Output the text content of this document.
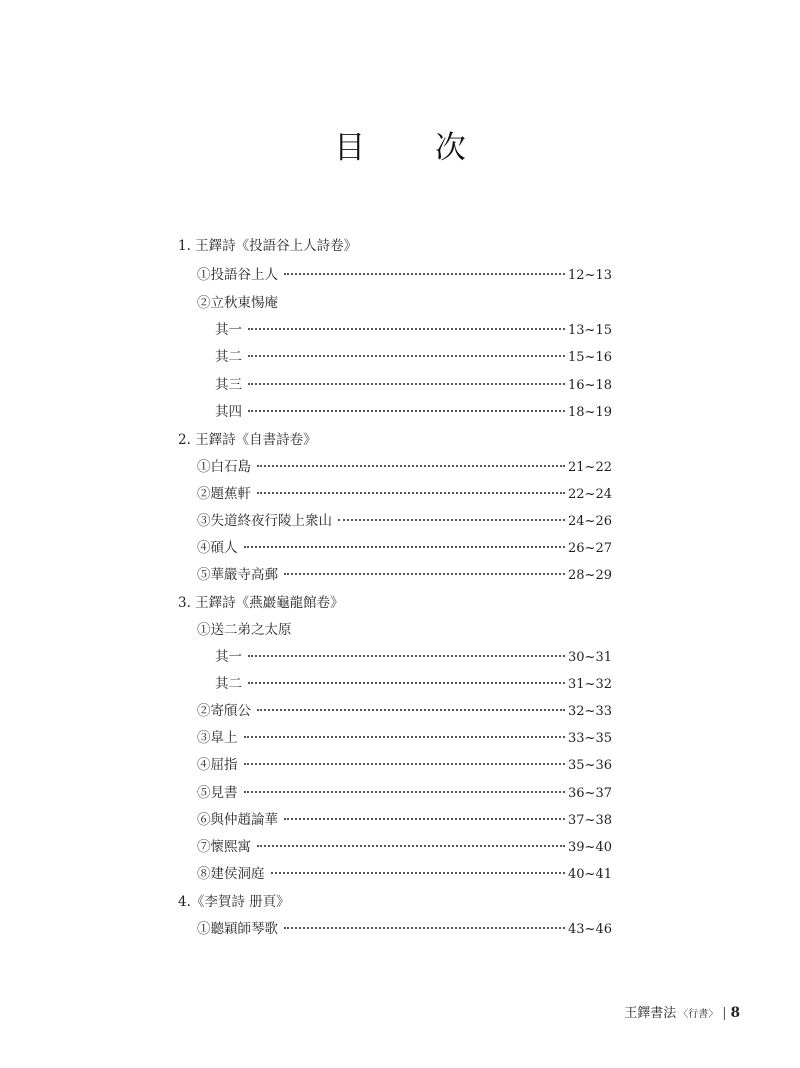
目 次
1. 王鐸詩《投語谷上人詩卷》
①投語谷上人	12~13
②立秋東惕庵
其一	13~15
其二	15~16
其三	16~18
其四	18~19
2. 王鐸詩《自書詩卷》
①白石島	21~22
②題蕉軒	22~24
③失道終夜行陵上衆山	24~26
④碩人	26~27
⑤華嚴寺高郵	28~29
3. 王鐸詩《燕巖龜龍館卷》
①送二弟之太原
其一	30~31
其二	31~32
②寄頎公	32~33
③皐上	33~35
④屈指	35~36
⑤見書	36~37
⑥與仲趙論華	37~38
⑦懷熙寓	39~40
⑧建侯洞庭	40~41
4.《李賀詩 册頁》
①聽穎師琴歌	43~46
王鐸書法 〈行書〉 | 8
